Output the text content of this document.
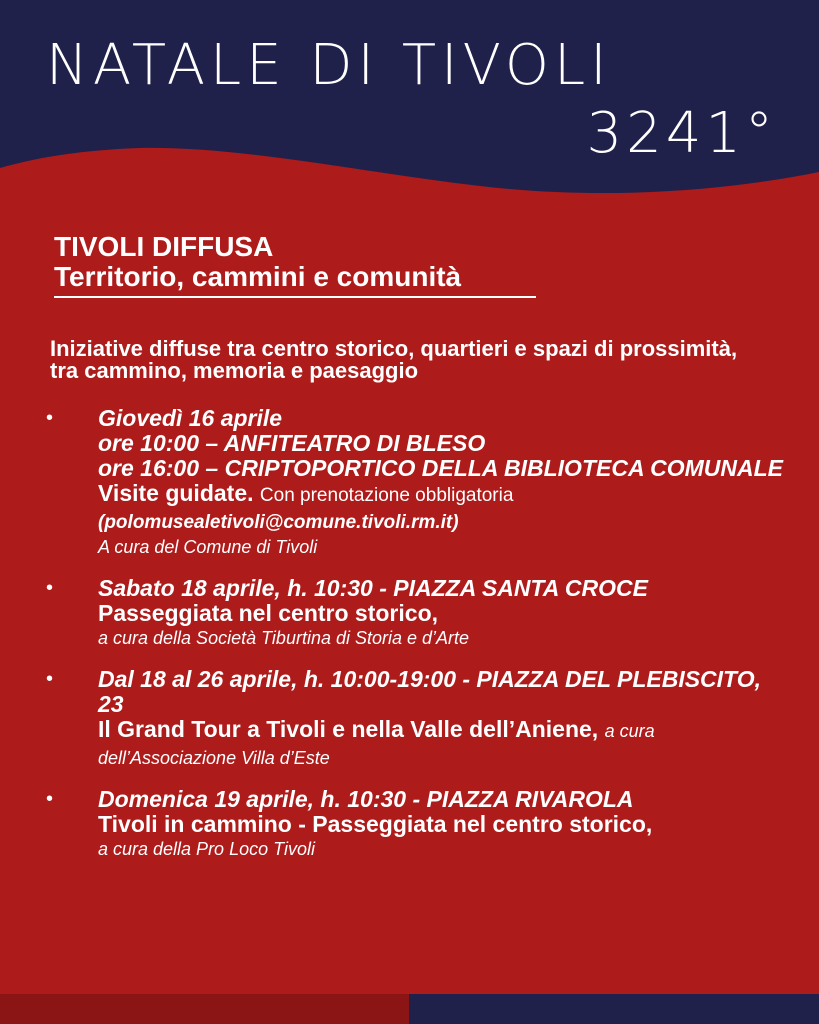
NATALE DI TIVOLI
3241°
TIVOLI DIFFUSA

Territorio, cammini e comunità
Iniziative diffuse tra centro storico, quartieri e spazi di prossimità, tra cammino, memoria e paesaggio
• Giovedì 16 aprile
ore 10:00 – ANFITEATRO DI BLESO
ore 16:00 – CRIPTOPORTICO DELLA BIBLIOTECA COMUNALE
Visite guidate. Con prenotazione obbligatoria
(polomusealetivoli@comune.tivoli.rm.it)
A cura del Comune di Tivoli
• Sabato 18 aprile, h. 10:30 - PIAZZA SANTA CROCE
Passeggiata nel centro storico,
a cura della Società Tiburtina di Storia e d’Arte
• Dal 18 al 26 aprile, h. 10:00-19:00 - PIAZZA DEL PLEBISCITO, 23
Il Grand Tour a Tivoli e nella Valle dell’Aniene, a cura dell’Associazione Villa d’Este
• Domenica 19 aprile, h. 10:30 - PIAZZA RIVAROLA
Tivoli in cammino - Passeggiata nel centro storico,
a cura della Pro Loco Tivoli
